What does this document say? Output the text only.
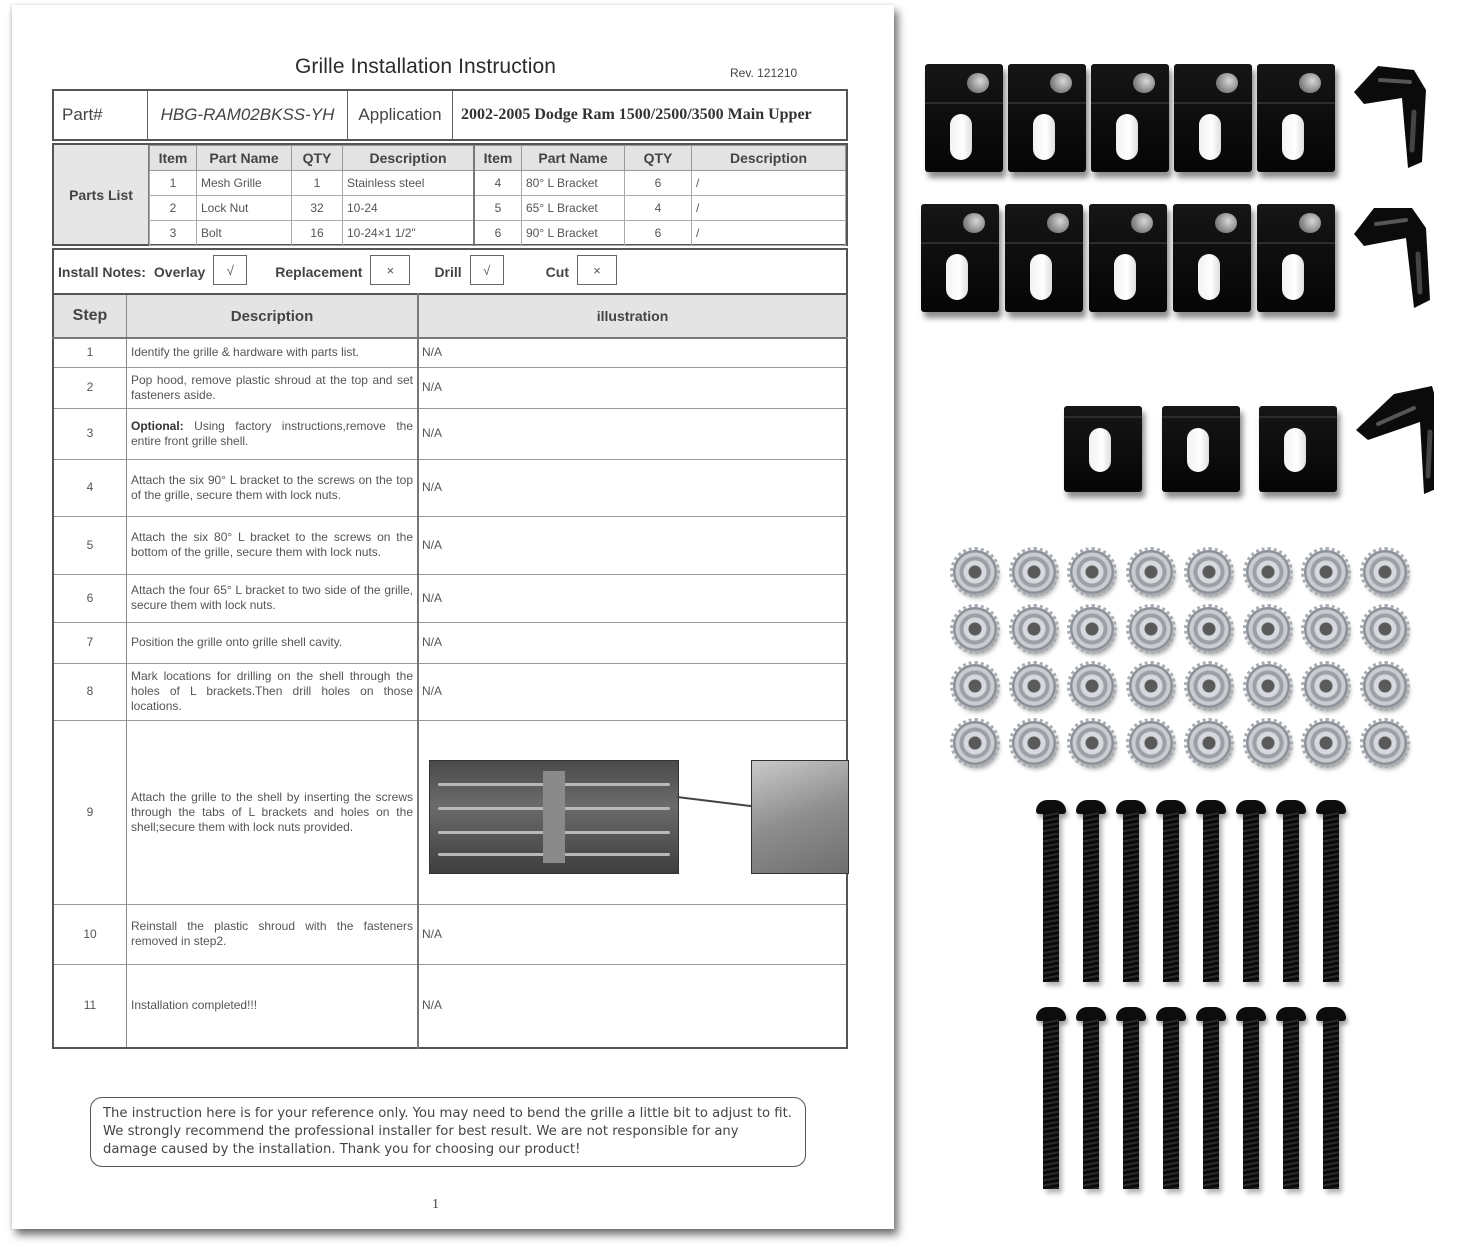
Grille Installation Instruction	Rev. 121210
Part#	HBG-RAM02BKSS-YH	Application	2002-2005 Dodge Ram 1500/2500/3500 Main Upper
Parts List
Item	Part Name	QTY	Description	Item	Part Name	QTY	Description
1	Mesh Grille	1	Stainless steel	4	80° L Bracket	6	/
2	Lock Nut	32	10-24	5	65° L Bracket	4	/
3	Bolt	16	10-24×1 1/2"	6	90° L Bracket	6	/
Install Notes: Overlay	√	Replacement	×	Drill	√	Cut	×
Step	Description	illustration
1	Identify the grille & hardware with parts list.	N/A
2	Pop hood, remove plastic shroud at the top and set fasteners aside.	N/A
3	Optional: Using factory instructions,remove the entire front grille shell.	N/A
4	Attach the six 90° L bracket to the screws on the top of the grille, secure them with lock nuts.	N/A
5	Attach the six 80° L bracket to the screws on the bottom of the grille, secure them with lock nuts.	N/A
6	Attach the four 65° L bracket to two side of the grille, secure them with lock nuts.	N/A
7	Position the grille onto grille shell cavity.	N/A
8	Mark locations for drilling on the shell through the holes of L brackets.Then drill holes on those locations.	N/A
9	Attach the grille to the shell by inserting the screws through the tabs of L brackets and holes on the shell;secure them with lock nuts provided.	

10	Reinstall the plastic shroud with the fasteners removed in step2.	N/A
11	Installation completed!!!	N/A
The instruction here is for your reference only. You may need to bend the grille a little bit to adjust to fit. We strongly recommend the professional installer for best result. We are not responsible for any damage caused by the installation. Thank you for choosing our product!
1
